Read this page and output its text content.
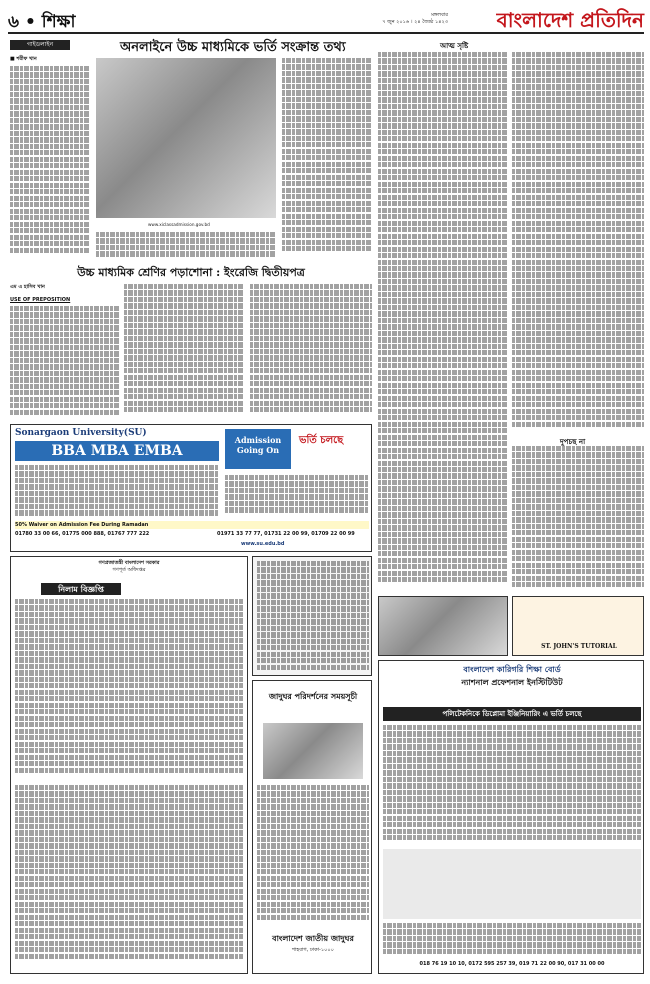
৬ • শিক্ষা	মঙ্গলবার
৭ জুন ২০১৬ । ২৪ জ্যৈষ্ঠ ১৪২৩ বাংলাদেশ প্রতিদিন
গাইডলাইন	অনলাইনে উচ্চ মাধ্যমিকে ভর্তি সংক্রান্ত তথ্য
■ শরীফ খান
www.xiclassadmission.gov.bd
আত্ম সৃষ্টি
দুপচছ না
উচ্চ মাধ্যমিক শ্রেণির পড়াশোনা : ইংরেজি দ্বিতীয়পত্র
এম এ হাসিব খান
USE OF PREPOSITION
Sonargaon University(SU)
BBA MBA EMBA
Admission Going On
ভর্তি চলছে
50% Waiver on Admission Fee During Ramadan
01780 33 00 66, 01775 000 888, 01767 777 222	01971 33 77 77, 01731 22 00 99, 01709 22 00 99
www.su.edu.bd
গণপ্রজাতন্ত্রী বাংলাদেশ সরকার
গণপূর্ত অধিদপ্তর
নিলাম বিজ্ঞপ্তি
জাদুঘর পরিদর্শনের সময়সূচী
বাংলাদেশ জাতীয় জাদুঘর
শাহবাগ, ঢাকা-১০০০
ST. JOHN'S TUTORIAL
বাংলাদেশ কারিগরি শিক্ষা বোর্ড
ন্যাশনাল প্রফেশনাল ইনস্টিটিউট
পলিটেকনিকে ডিপ্লোমা ইঞ্জিনিয়ারিং এ ভর্তি চলছে
018 76 19 10 10, 0172 595 257 39, 019 71 22 00 90, 017 31 00 00
